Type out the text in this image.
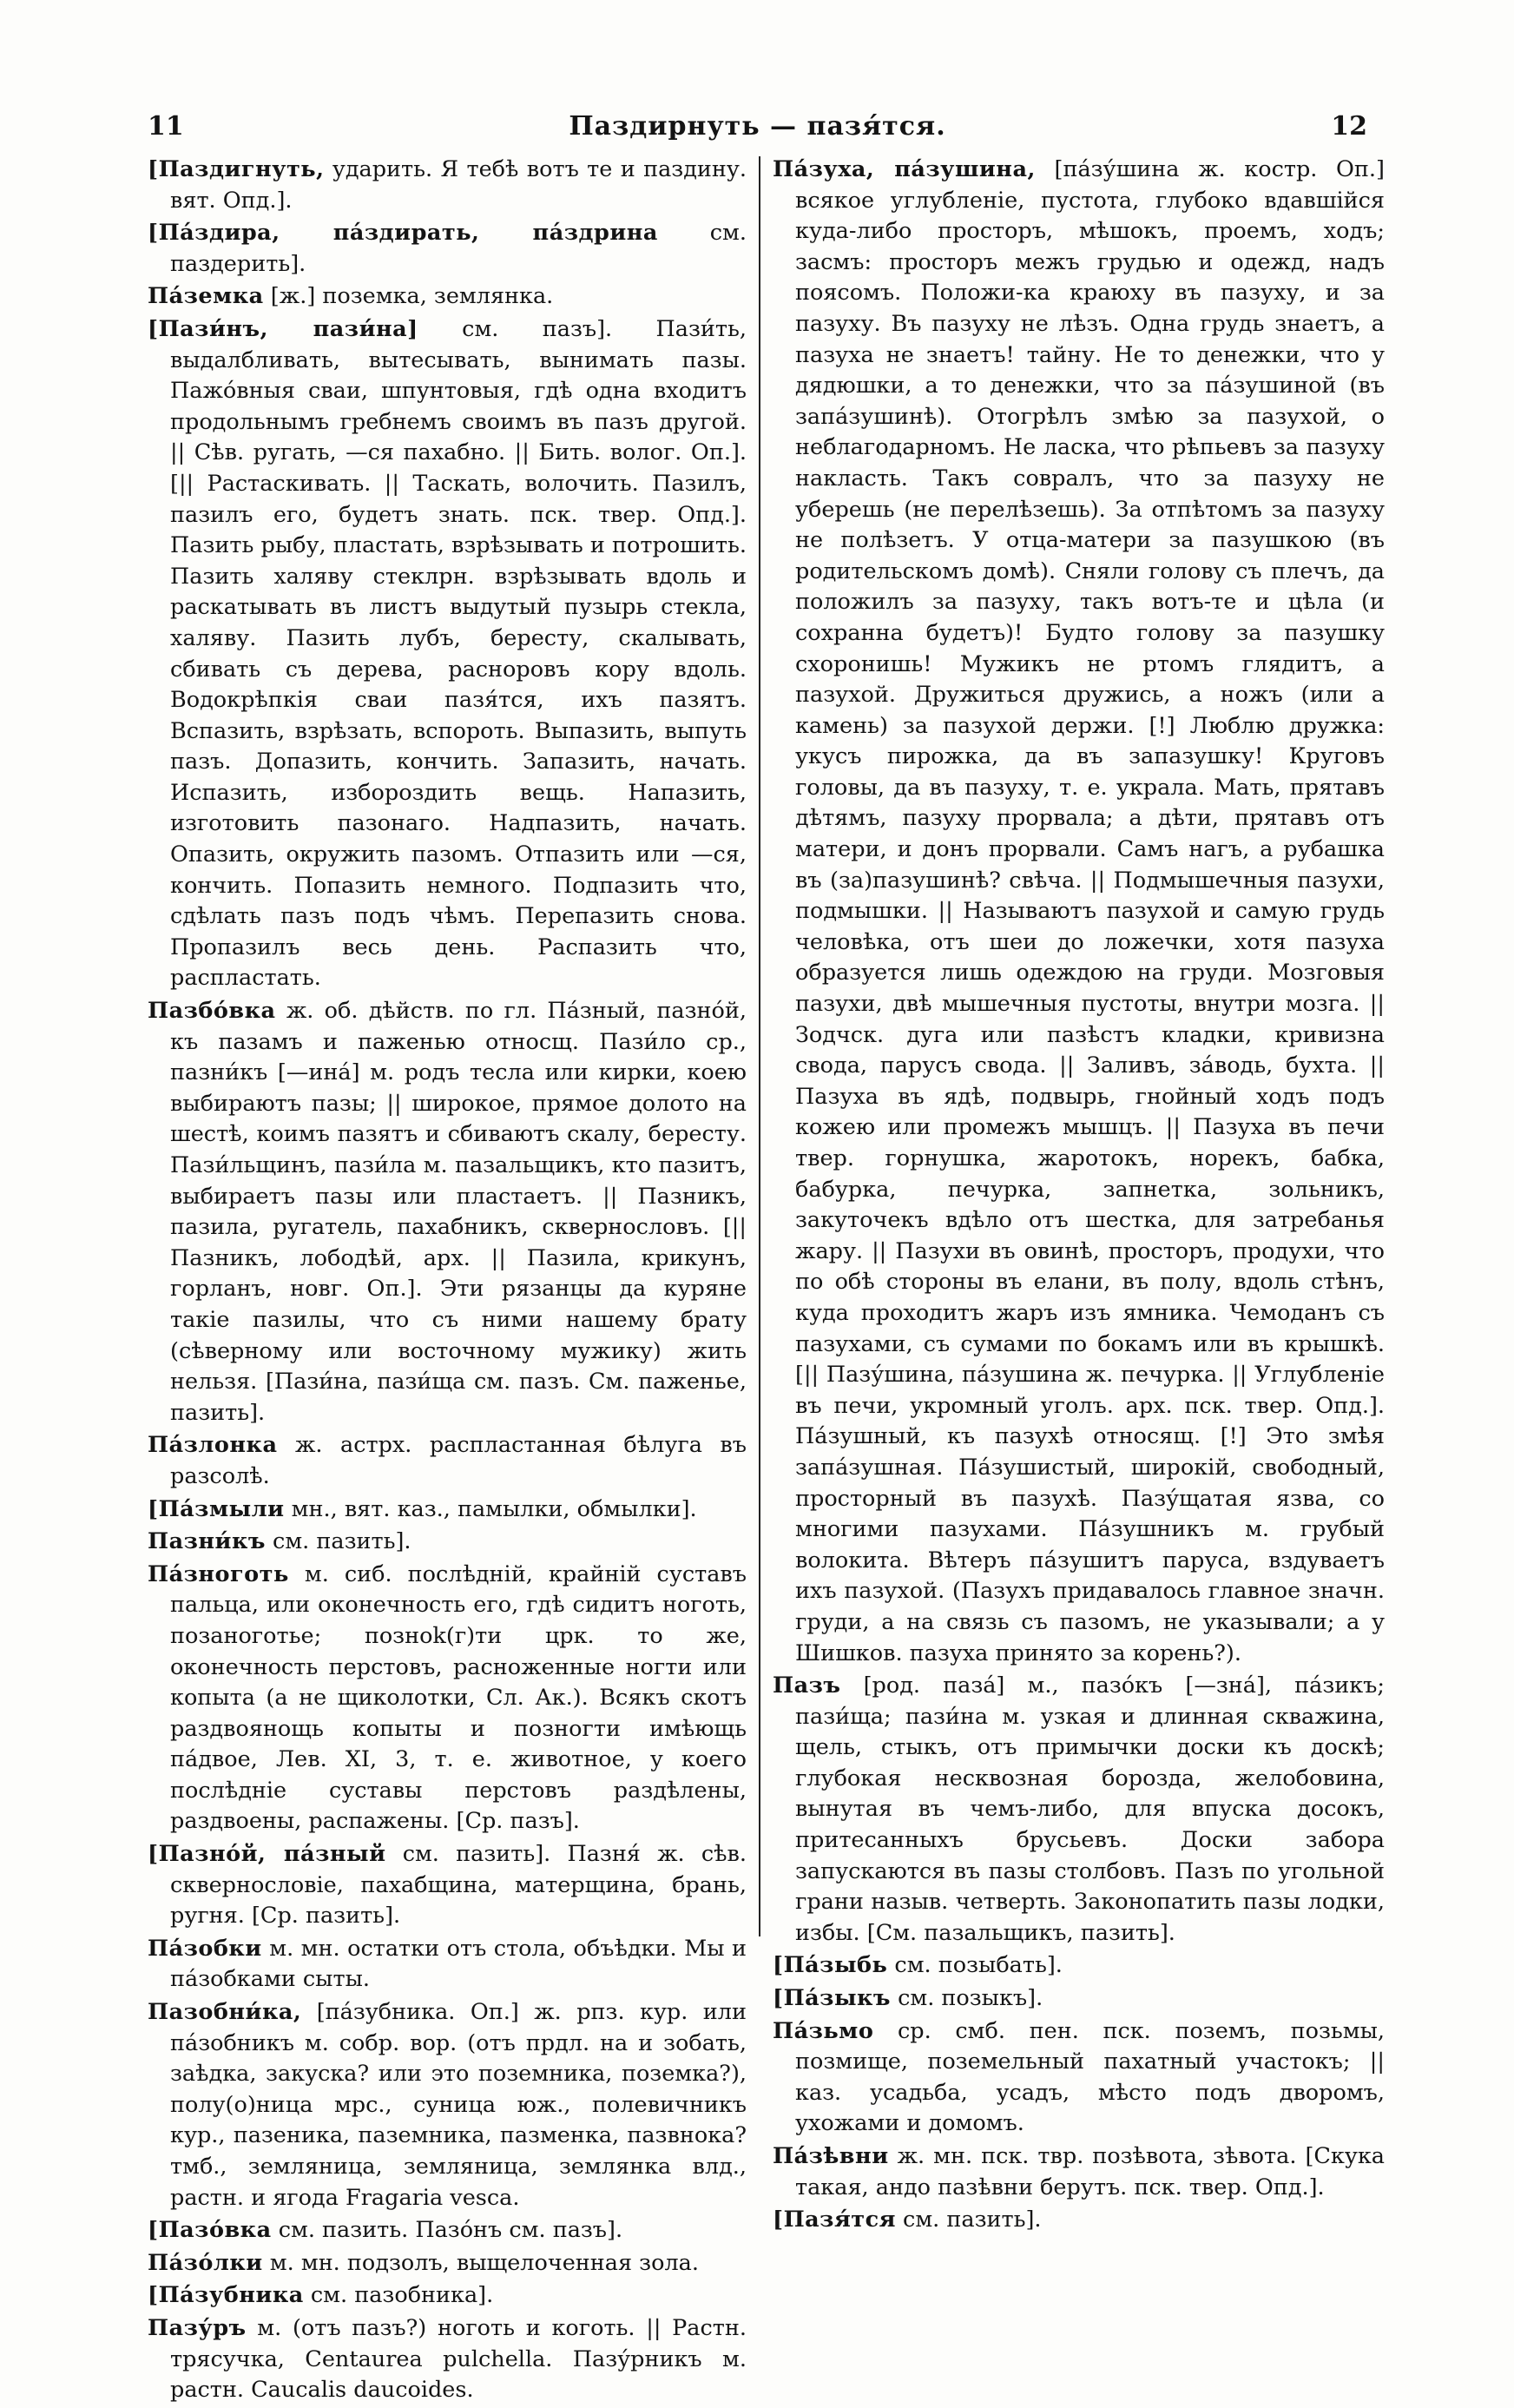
11	Паздирнуть — пазя́тся.	12

[Паздигнуть, ударить. Я тебѣ вотъ те и паздину. вят. Опд.].

[Па́здира, па́здирать, па́здрина см. паздерить].

Па́земка [ж.] поземка, землянка.

[Пази́нъ, пази́на] см. пазъ]. Пази́ть, выдалбливать, вытесывать, вынимать пазы. Пажо́вныя сваи, шпунтовыя, гдѣ одна входитъ продольнымъ гребнемъ своимъ въ пазъ другой. || Сѣв. ругать, —ся пахабно. || Бить. волог. Оп.]. [|| Растаскивать. || Таскать, волочить. Пазилъ, пазилъ его, будетъ знать. пск. твер. Опд.]. Пазить рыбу, пластать, взрѣзывать и потрошить. Пазить халяву стеклрн. взрѣзывать вдоль и раскатывать въ листъ выдутый пузырь стекла, халяву. Пазить лубъ, бересту, скалывать, сбивать съ дерева, расноровъ кору вдоль. Водокрѣпкія сваи пазя́тся, ихъ пазятъ. Вспазить, взрѣзать, вспороть. Выпазить, выпуть пазъ. Допазить, кончить. Запазить, начать. Испазить, избороздить вещь. Напазить, изготовить пазонаго. Надпазить, начать. Опазить, окружить пазомъ. Отпазить или —ся, кончить. Попазить немного. Подпазить что, сдѣлать пазъ подъ чѣмъ. Перепазить снова. Пропазилъ весь день. Распазить что, распластать.

Пазбо́вка ж. об. дѣйств. по гл. Па́зный, пазно́й, къ пазамъ и паженью относщ. Пази́ло ср., пазни́къ [—ина́] м. родъ тесла или кирки, коею выбираютъ пазы; || широкое, прямое долото на шестѣ, коимъ пазятъ и сбиваютъ скалу, бересту. Пази́льщинъ, пази́ла м. пазальщикъ, кто пазитъ, выбираетъ пазы или пластаетъ. || Пазникъ, пазила, ругатель, пахабникъ, сквернословъ. [|| Пазникъ, лободѣй, арх. || Пазила, крикунъ, горланъ, новг. Оп.]. Эти рязанцы да куряне такіе пазилы, что съ ними нашему брату (сѣверному или восточному мужику) жить нельзя. [Пази́на, пази́ща см. пазъ. См. паженье, пазить].

Па́злонка ж. астрх. распластанная бѣлуга въ разсолѣ.

[Па́змыли мн., вят. каз., памылки, обмылки].

Пазни́къ см. пазить].

Па́зноготь м. сиб. послѣдній, крайній суставъ пальца, или оконечность его, гдѣ сидитъ ноготь, позаноготье; позноk(г)ти црк. то же, оконечность перстовъ, расноженные ногти или копыта (а не щиколотки, Сл. Ак.). Всякъ скотъ раздвоянощь копыты и позногти имѣющь пáдвое, Лев. XI, 3, т. е. животное, у коего послѣдніе суставы перстовъ раздѣлены, раздвоены, распажены. [Ср. пазъ].

[Пазно́й, па́зный см. пазить]. Пазня́ ж. сѣв. сквернословіе, пахабщина, матерщина, брань, ругня. [Ср. пазить].

Па́зобки м. мн. остатки отъ стола, объѣдки. Мы и пáзобками сыты.

Пазобни́ка, [па́зубника. Оп.] ж. рпз. кур. или па́зобникъ м. собр. вор. (отъ прдл. на и зобать, заѣдка, закуска? или это поземника, поземка?), полу(о)ница мрс., суница юж., полевичникъ кур., пазеника, паземника, пазменка, пазвнока? тмб., земляница, земляница, землянка влд., растн. и ягода Fragaria vesca.

[Пазо́вка см. пазить. Пазо́нъ см. пазъ].

Па́зо́лки м. мн. подзолъ, выщелоченная зола.

[Па́зубника см. пазобника].

Пазу́ръ м. (отъ пазъ?) ноготь и коготь. || Растн. трясучка, Centaurea pulchella. Пазу́рникъ м. растн. Caucalis daucoides.

Па́зуха, па́зушина, [па́зу́шина ж. костр. Оп.] всякое углубленіе, пустота, глубоко вдавшійся куда-либо просторъ, мѣшокъ, проемъ, ходъ; засмъ: просторъ межъ грудью и одежд, надъ поясомъ. Положи-ка краюху въ пазуху, и за пазуху. Въ пазуху не лѣзъ. Одна грудь знаетъ, а пазуха не знаетъ! тайну. Не то денежки, что у дядюшки, а то денежки, что за па́зушиной (въ запáзушинѣ). Отогрѣлъ змѣю за пазухой, о неблагодарномъ. Не ласка, что рѣпьевъ за пазуху накласть. Такъ совралъ, что за пазуху не уберешь (не перелѣзешь). За отпѣтомъ за пазуху не полѣзетъ. У отца-матери за пазушкою (въ родительскомъ домѣ). Сняли голову съ плечъ, да положилъ за пазуху, такъ вотъ-те и цѣла (и сохранна будетъ)! Будто голову за пазушку схоронишь! Мужикъ не ртомъ глядитъ, а пазухой. Дружиться дружись, а ножъ (или а камень) за пазухой держи. [!] Люблю дружка: укусъ пирожка, да въ запазушку! Круговъ головы, да въ пазуху, т. е. украла. Мать, прятавъ дѣтямъ, пазуху прорвала; а дѣти, прятавъ отъ матери, и донъ прорвали. Самъ нагъ, а рубашка въ (за)пазушинѣ? свѣча. || Подмышечныя пазухи, подмышки. || Называютъ пазухой и самую грудь человѣка, отъ шеи до ложечки, хотя пазуха образуется лишь одеждою на груди. Мозговыя пазухи, двѣ мышечныя пустоты, внутри мозга. || Зодчск. дуга или пазѣстъ кладки, кривизна свода, парусъ свода. || Заливъ, за́водь, бухта. || Пазуха въ ядѣ, подвырь, гнойный ходъ подъ кожею или промежъ мышцъ. || Пазуха въ печи твер. горнушка, жаротокъ, норекъ, бабка, бабурка, печурка, запнетка, зольникъ, закуточекъ вдѣло отъ шестка, для затребанья жару. || Пазухи въ овинѣ, просторъ, продухи, что по обѣ стороны въ елани, въ полу, вдоль стѣнъ, куда проходитъ жаръ изъ ямника. Чемоданъ съ пазухами, съ сумами по бокамъ или въ крышкѣ. [|| Пазу́шина, па́зушина ж. печурка. || Углубленіе въ печи, укромный уголъ. арх. пск. твер. Опд.]. Па́зушный, къ пазухѣ относящ. [!] Это змѣя запáзушная. Па́зушистый, широкій, свободный, просторный въ пазухѣ. Пазу́щатая язва, со многими пазухами. Па́зушникъ м. грубый волокита. Вѣтеръ па́зушитъ паруса, вздуваетъ ихъ пазухой. (Пазухъ придавалось главное значн. груди, а на связь съ пазомъ, не указывали; а у Шишков. пазуха принято за корень?).

Пазъ [род. паза́] м., пазо́къ [—зна́], па́зикъ; пази́ща; пази́на м. узкая и длинная скважина, щель, стыкъ, отъ примычки доски къ доскѣ; глубокая несквозная борозда, желобовина, вынутая въ чемъ-либо, для впуска досокъ, притесанныхъ брусьевъ. Доски забора запускаются въ пазы столбовъ. Пазъ по угольной грани назыв. четверть. Законопатить пазы лодки, избы. [См. пазальщикъ, пазить].

[Па́зыбь см. позыбать].

[Па́зыкъ см. позыкъ].

Па́зьмо ср. смб. пен. пск. поземъ, позьмы, позмище, поземельный пахатный участокъ; || каз. усадьба, усадъ, мѣсто подъ дворомъ, ухожами и домомъ.

Па́зѣвни ж. мн. пск. твр. позѣвота, зѣвота. [Скука такая, андо пазѣвни берутъ. пск. твер. Опд.].

[Пазя́тся см. пазить].
